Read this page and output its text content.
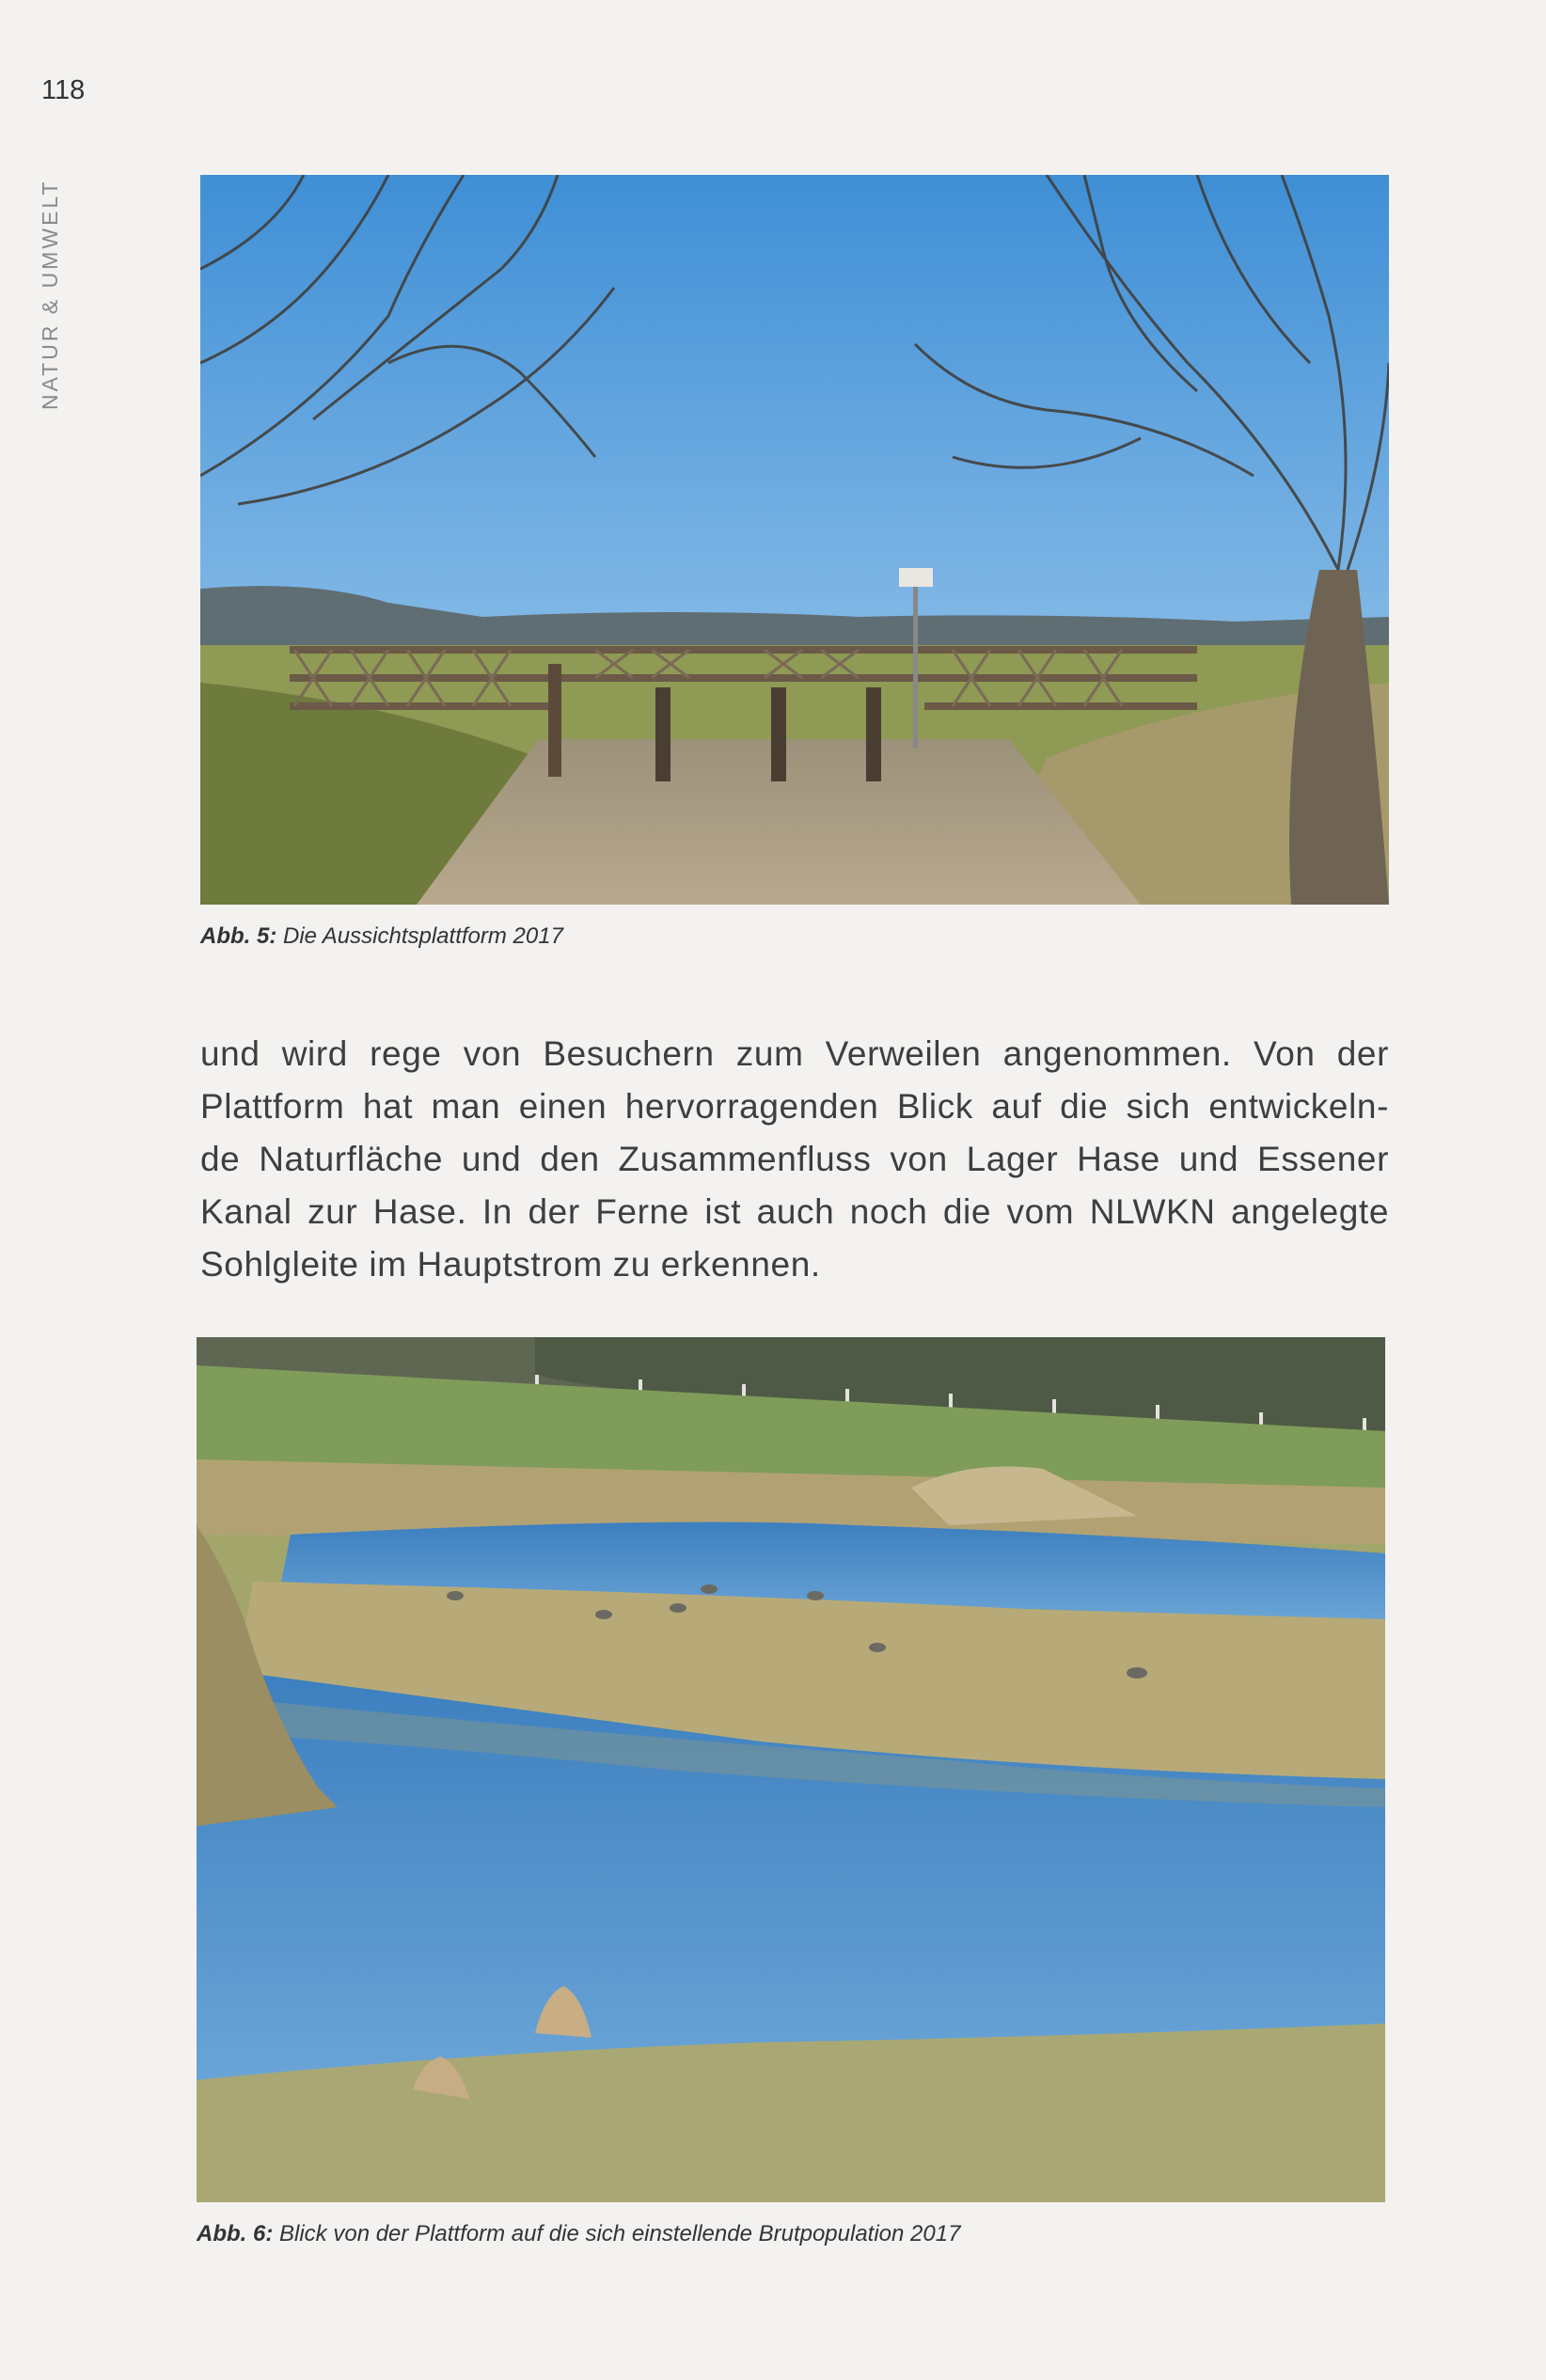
118
NATUR & UMWELT
Abb. 5: Die Aussichtsplattform 2017
und wird rege von Besuchern zum Verweilen angenommen. Von der
Plattform hat man einen hervorragenden Blick auf die sich entwickeln-
de Naturfläche und den Zusammenfluss von Lager Hase und Essener
Kanal zur Hase. In der Ferne ist auch noch die vom NLWKN angelegte
Sohlgleite im Hauptstrom zu erkennen.
Abb. 6: Blick von der Plattform auf die sich einstellende Brutpopulation 2017
